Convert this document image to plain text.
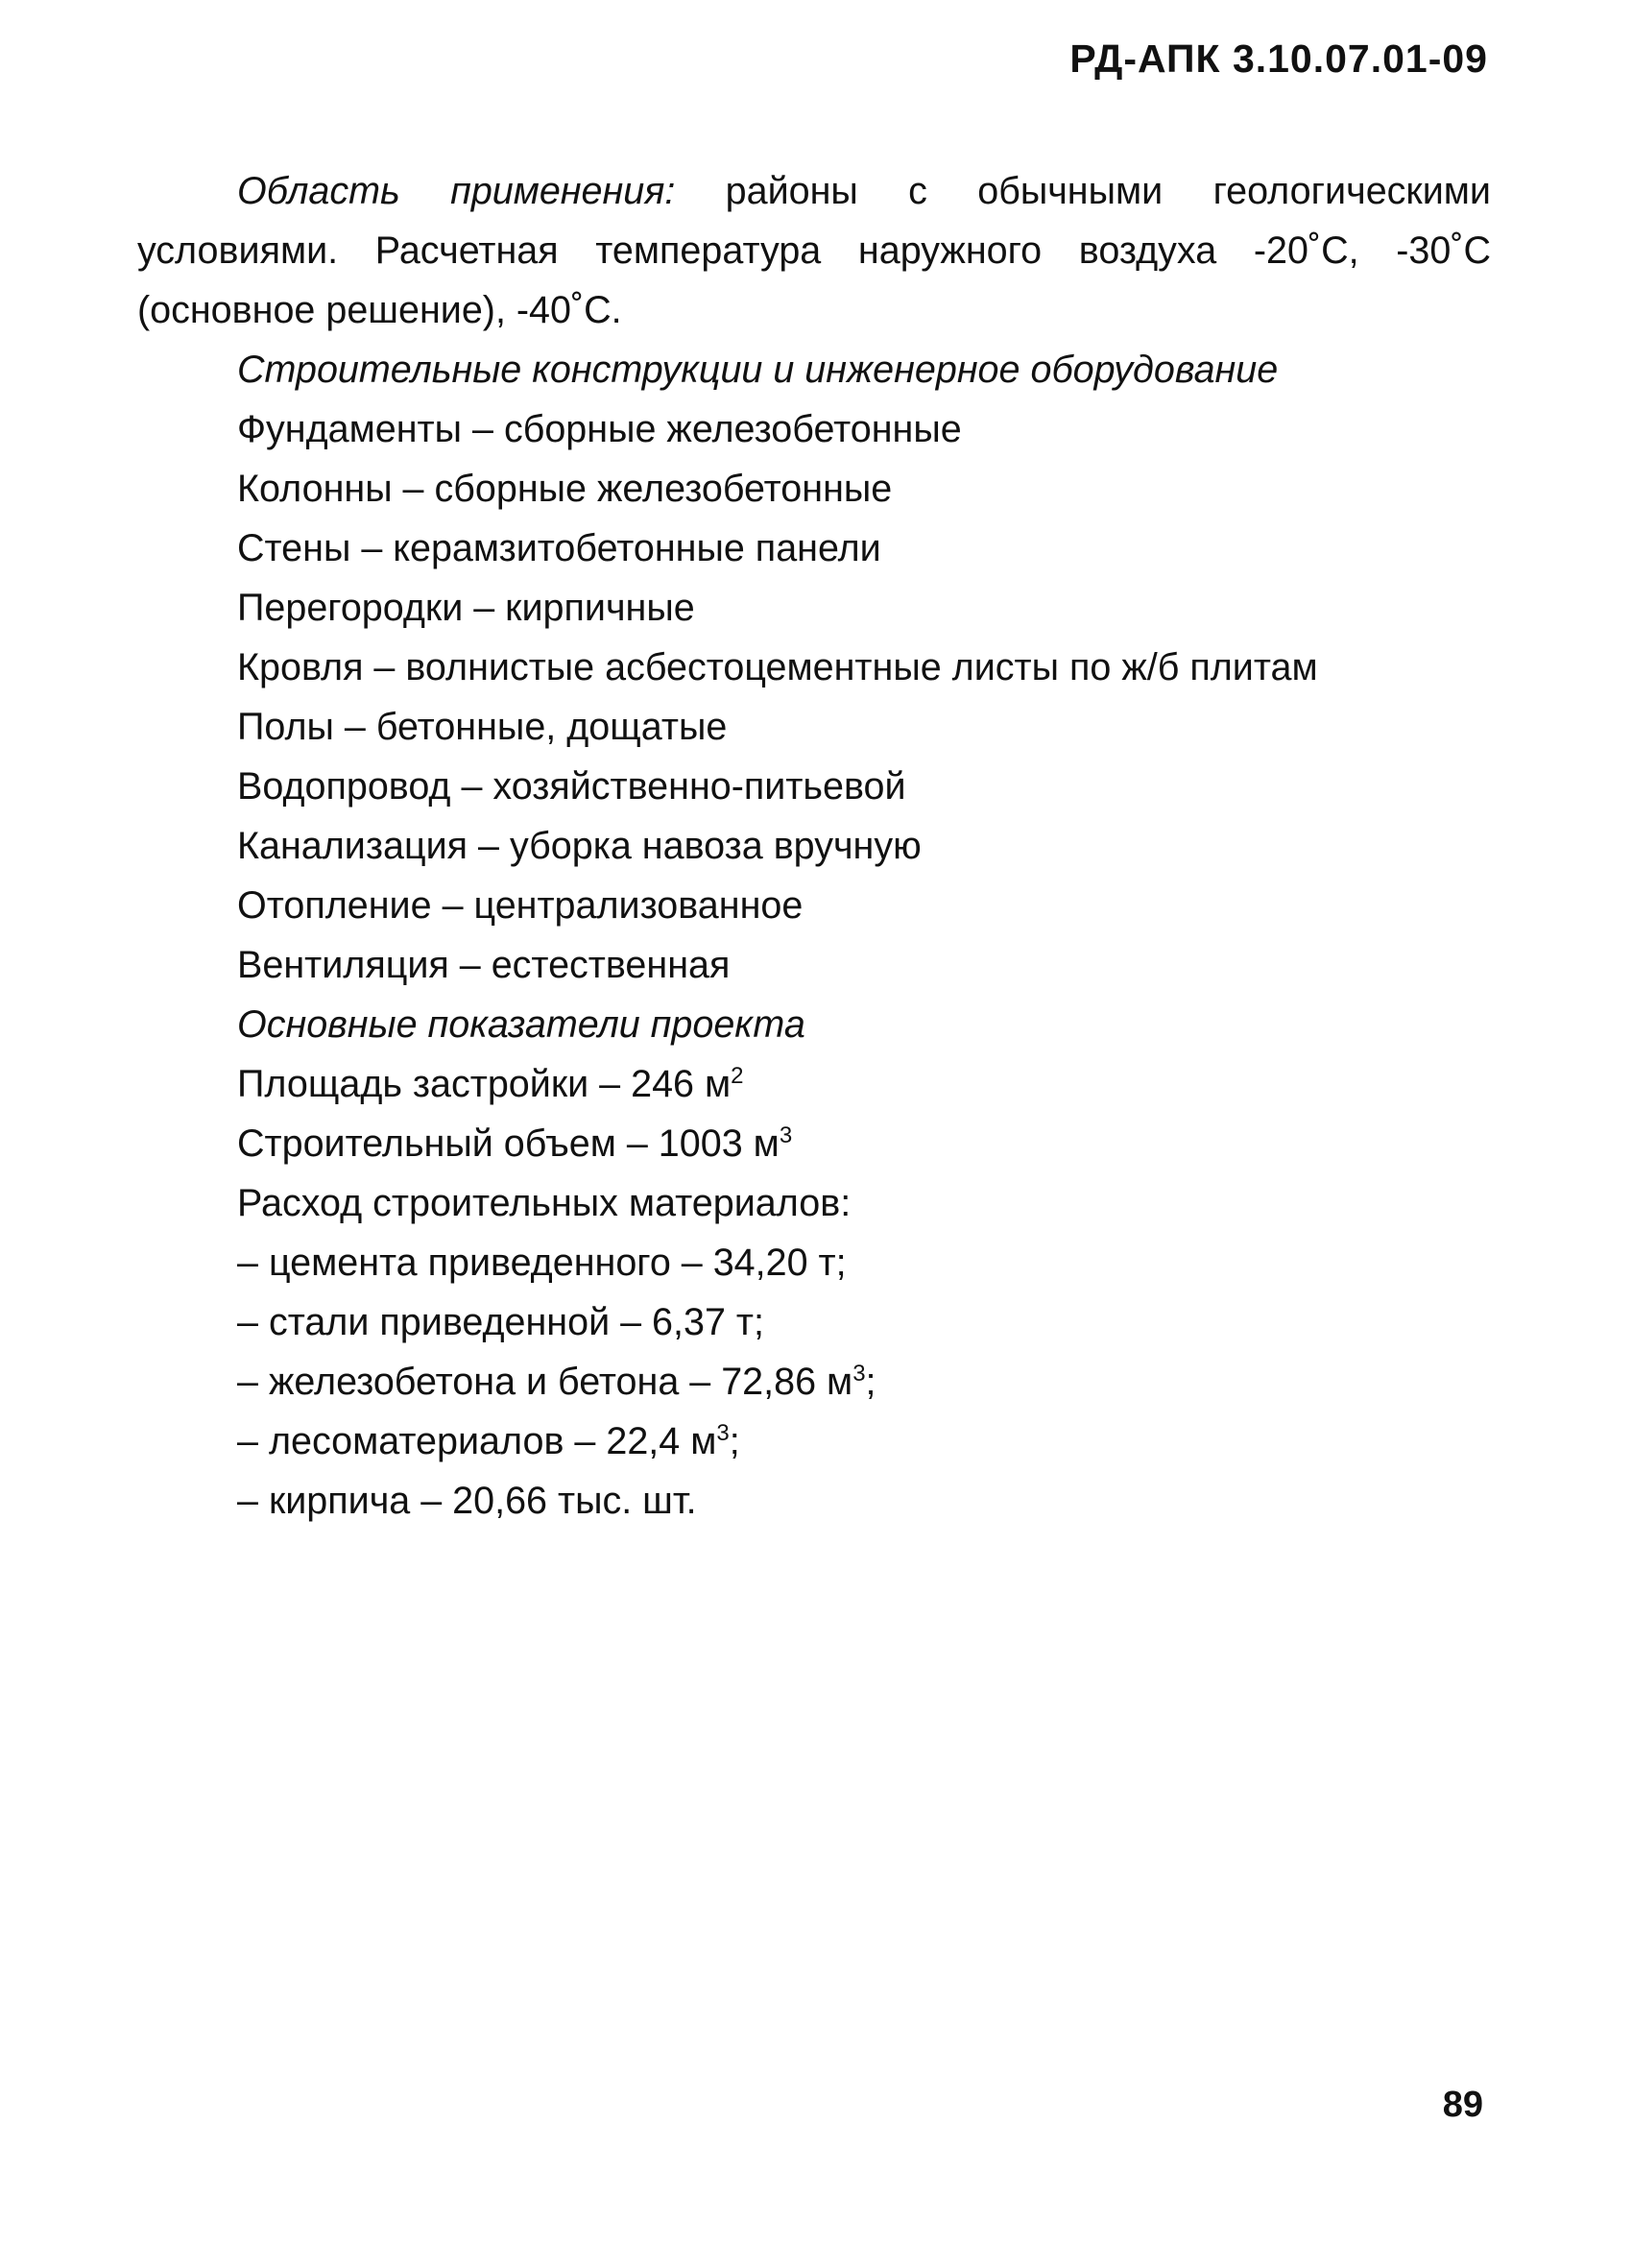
РД-АПК 3.10.07.01-09

Область применения: районы с обычными геологическими условиями. Расчетная температура наружного воздуха -20˚С, -30˚С (основное решение), -40˚С.

Строительные конструкции и инженерное оборудование

Фундаменты – сборные железобетонные

Колонны – сборные железобетонные

Стены – керамзитобетонные панели

Перегородки – кирпичные

Кровля – волнистые асбестоцементные листы по ж/б плитам

Полы – бетонные, дощатые

Водопровод – хозяйственно-питьевой

Канализация – уборка навоза вручную

Отопление – централизованное

Вентиляция – естественная

Основные показатели проекта

Площадь застройки – 246 $м^2$

Строительный объем – 1003 $м^3$

Расход строительных материалов:

– цемента приведенного – 34,20 т;

– стали приведенной – 6,37 т;

– железобетона и бетона – 72,86 $м^3$;

– лесоматериалов – 22,4 $м^3$;

– кирпича – 20,66 тыс. шт.

89
